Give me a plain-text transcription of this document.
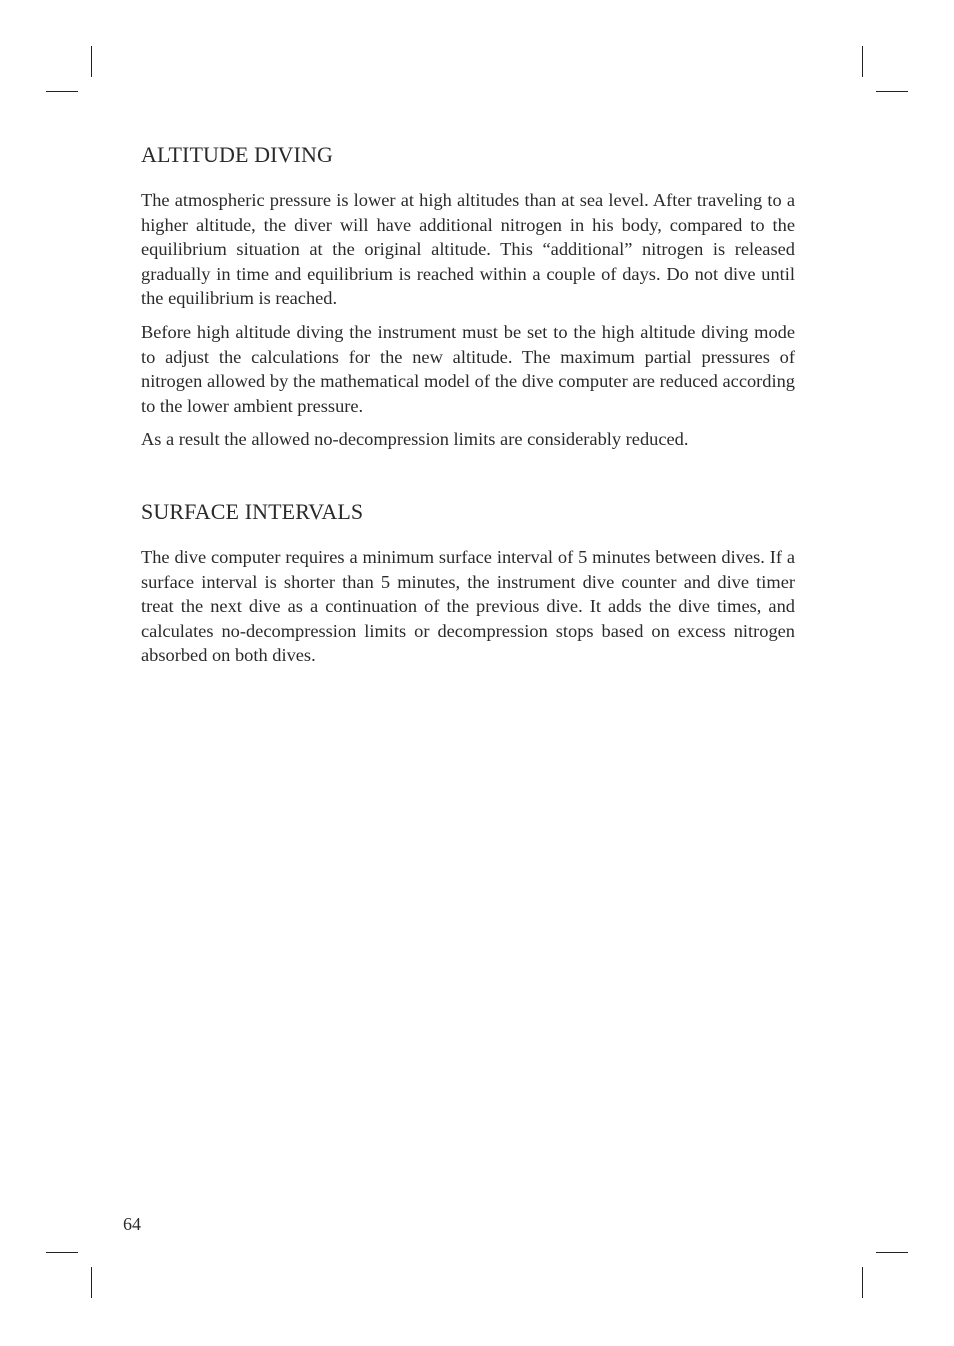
ALTITUDE DIVING

The atmospheric pressure is lower at high altitudes than at sea level. After traveling to a higher altitude, the diver will have additional nitrogen in his body, compared to the equilibrium situation at the original altitude. This “additional” nitrogen is released gradually in time and equilibrium is reached within a couple of days. Do not dive until the equilibrium is reached.

Before high altitude diving the instrument must be set to the high altitude diving mode to adjust the calculations for the new altitude. The maximum partial pressures of nitrogen allowed by the mathematical model of the dive computer are reduced according to the lower ambient pressure.

As a result the allowed no-decompression limits are considerably reduced.

SURFACE INTERVALS

The dive computer requires a minimum surface interval of 5 minutes between dives. If a surface interval is shorter than 5 minutes, the instrument dive counter and dive timer treat the next dive as a continuation of the previous dive. It adds the dive times, and calculates no-decompression limits or decompression stops based on excess nitrogen absorbed on both dives.

64
